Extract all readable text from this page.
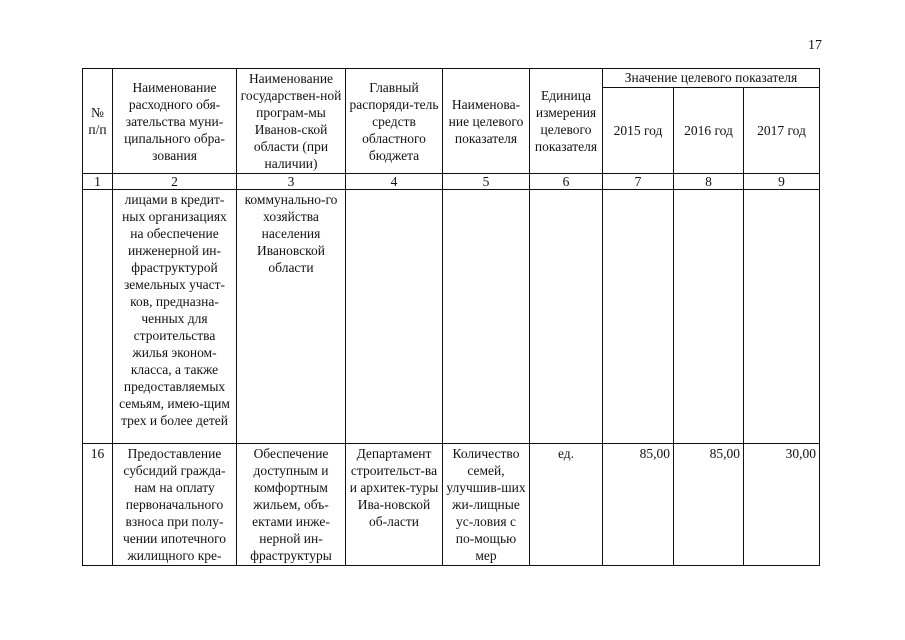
17
№ п/п	Наименование расходного обя-зательства муни-ципального обра-зования	Наименование государствен-ной програм-мы Иванов-ской области (при наличии)	Главный распоряди-тель средств областного бюджета	Наименова-ние целевого показателя	Единица измерения целевого показателя	Значение целевого показателя		
						2015 год	2016 год	2017 год
1	2	3	4	5	6	7	8	9
	лицами в кредит-ных организациях на обеспечение инженерной ин-фраструктурой земельных участ-ков, предназна-ченных для строительства жилья эконом-класса, а также предоставляемых семьям, имею-щим трех и более детей	коммунально-го хозяйства населения Ивановской области						
16	Предоставление субсидий гражда-нам на оплату первоначального взноса при полу-чении ипотечного жилищного кре-	Обеспечение доступным и комфортным жильем, объ-ектами инже-нерной ин-фраструктуры	Департамент строительст-ва и архитек-туры Ива-новской об-ласти	Количество семей, улучшив-ших жи-лищные ус-ловия с по-мощью мер	ед.	85,00	85,00	30,00
